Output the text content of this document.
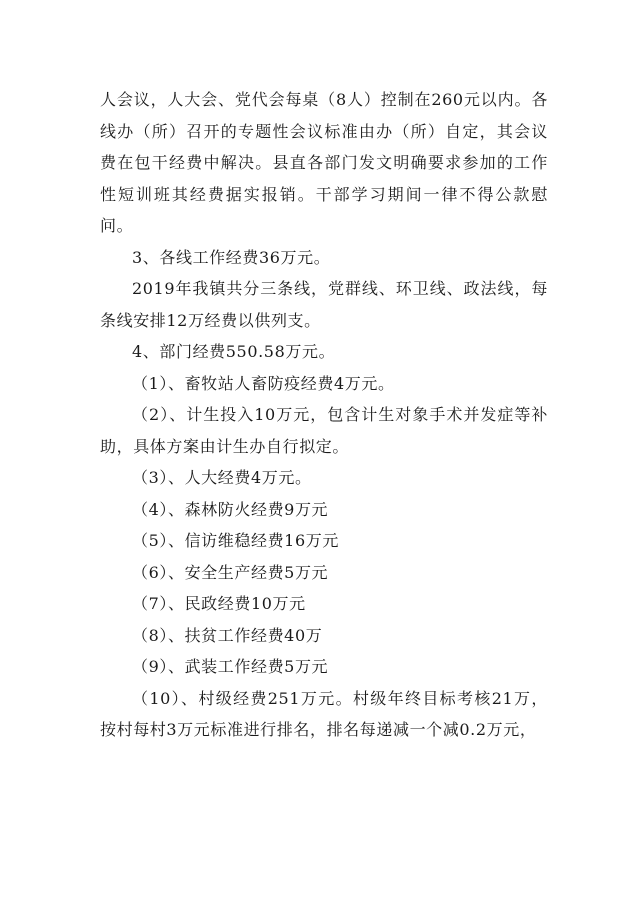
人会议，人大会、党代会每桌（8人）控制在260元以内。各线办（所）召开的专题性会议标准由办（所）自定，其会议费在包干经费中解决。县直各部门发文明确要求参加的工作性短训班其经费据实报销。干部学习期间一律不得公款慰问。

3、各线工作经费36万元。

2019年我镇共分三条线，党群线、环卫线、政法线，每条线安排12万经费以供列支。

4、部门经费550.58万元。

（1）、畜牧站人畜防疫经费4万元。

（2）、计生投入10万元，包含计生对象手术并发症等补助，具体方案由计生办自行拟定。

（3）、人大经费4万元。

（4）、森林防火经费9万元

（5）、信访维稳经费16万元

（6）、安全生产经费5万元

（7）、民政经费10万元

（8）、扶贫工作经费40万

（9）、武装工作经费5万元

（10）、村级经费251万元。村级年终目标考核21万，按村每村3万元标准进行排名，排名每递减一个减0.2万元，
